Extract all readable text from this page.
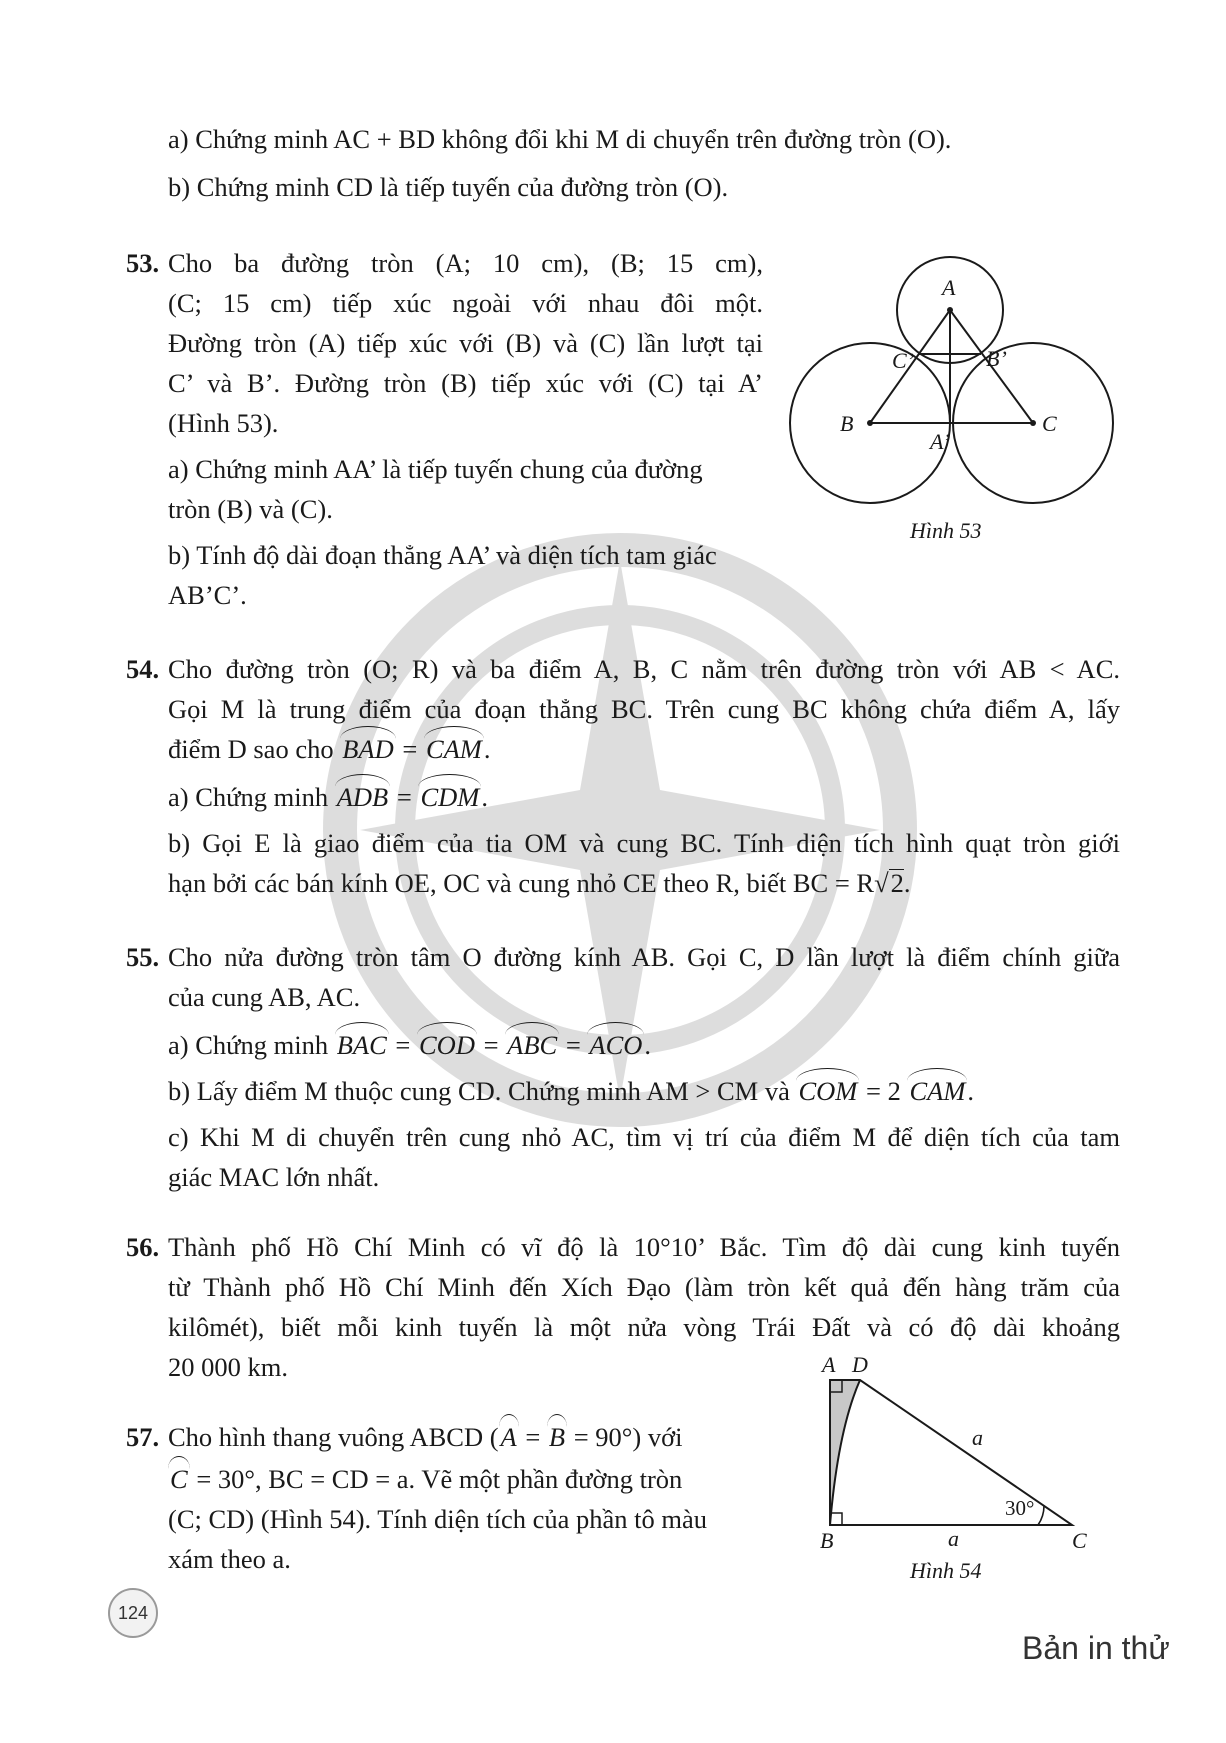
a) Chứng minh AC + BD không đổi khi M di chuyển trên đường tròn (O).
b) Chứng minh CD là tiếp tuyến của đường tròn (O).
53. Cho ba đường tròn (A; 10 cm), (B; 15 cm),
(C; 15 cm) tiếp xúc ngoài với nhau đôi một.
Đường tròn (A) tiếp xúc với (B) và (C) lần lượt tại
C’ và B’. Đường tròn (B) tiếp xúc với (C) tại A’
(Hình 53).
a) Chứng minh AA’ là tiếp tuyến chung của đường
tròn (B) và (C).
b) Tính độ dài đoạn thẳng AA’ và diện tích tam giác
AB’C’.
A
B	C
A’
B’
C’
Hình 53
54. Cho đường tròn (O; R) và ba điểm A, B, C nằm trên đường tròn với AB < AC.
Gọi M là trung điểm của đoạn thẳng BC. Trên cung BC không chứa điểm A, lấy
điểm D sao cho BAD = CAM.
a) Chứng minh ADB = CDM.
b) Gọi E là giao điểm của tia OM và cung BC. Tính diện tích hình quạt tròn giới
hạn bởi các bán kính OE, OC và cung nhỏ CE theo R, biết BC = R√2.
55. Cho nửa đường tròn tâm O đường kính AB. Gọi C, D lần lượt là điểm chính giữa
của cung AB, AC.
a) Chứng minh BAC = COD = ABC = ACO.
b) Lấy điểm M thuộc cung CD. Chứng minh AM > CM và COM = 2 CAM.
c) Khi M di chuyển trên cung nhỏ AC, tìm vị trí của điểm M để diện tích của tam
giác MAC lớn nhất.
56. Thành phố Hồ Chí Minh có vĩ độ là 10°10’ Bắc. Tìm độ dài cung kinh tuyến
từ Thành phố Hồ Chí Minh đến Xích Đạo (làm tròn kết quả đến hàng trăm của
kilômét), biết mỗi kinh tuyến là một nửa vòng Trái Đất và có độ dài khoảng
20 000 km.
57. Cho hình thang vuông ABCD (A = B = 90°) với
C = 30°, BC = CD = a. Vẽ một phần đường tròn
(C; CD) (Hình 54). Tính diện tích của phần tô màu
xám theo a.
A D
B	C
a
a
30°
Hình 54
124
Bản in thử
